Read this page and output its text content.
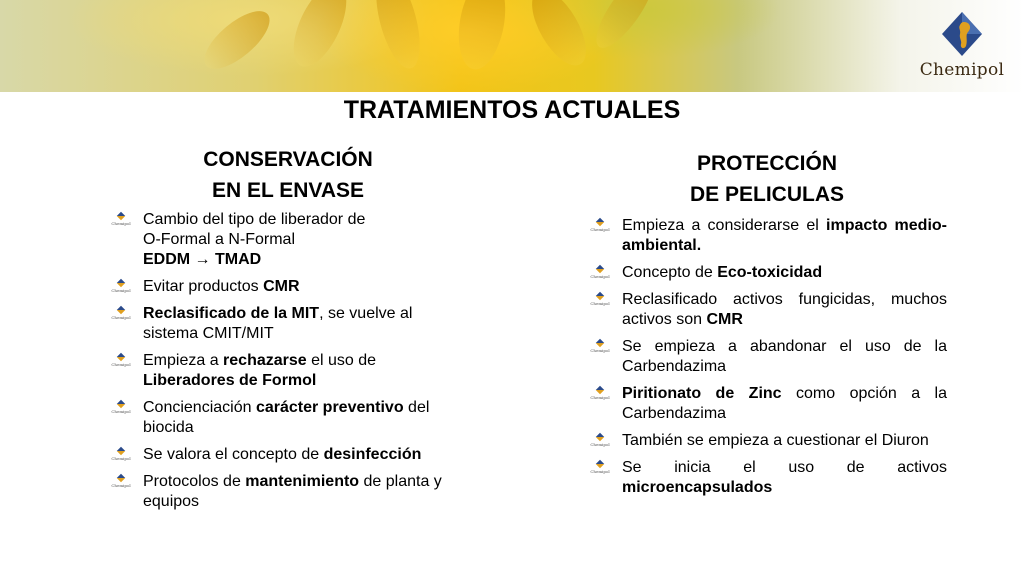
Chemipol
TRATAMIENTOS ACTUALES
CONSERVACIÓN
EN EL ENVASE
Chemipol Cambio del tipo de liberador de
O-Formal a N-Formal
EDDM → TMAD
Chemipol Evitar productos CMR
Chemipol Reclasificado de la MIT, se vuelve al sistema CMIT/MIT
Chemipol Empieza a rechazarse el uso de Liberadores de Formol
Chemipol Concienciación carácter preventivo del biocida
Chemipol Se valora el concepto de desinfección
Chemipol Protocolos de mantenimiento de planta y equipos
PROTECCIÓN
DE PELICULAS
Chemipol Empieza a considerarse el impacto medio-ambiental.
Chemipol Concepto de Eco-toxicidad
Chemipol Reclasificado activos fungicidas, muchos activos son CMR
Chemipol Se empieza a abandonar el uso de la Carbendazima
Chemipol Piritionato de Zinc como opción a la Carbendazima
Chemipol También se empieza a cuestionar el Diuron
Chemipol Se inicia el uso de activos microencapsulados
